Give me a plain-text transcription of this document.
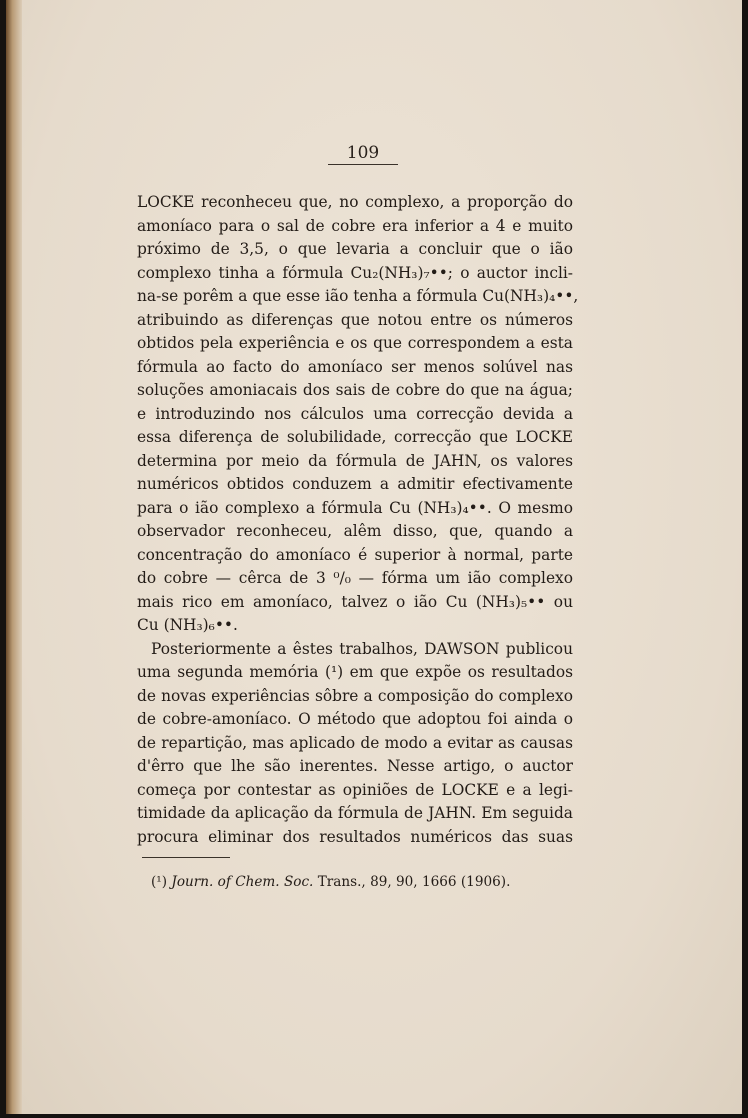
109
LOCKE reconheceu que, no complexo, a proporção do
amoníaco para o sal de cobre era inferior a 4 e muito
próximo de 3,5, o que levaria a concluir que o ião
complexo tinha a fórmula Cu₂(NH₃)₇••; o auctor incli-
na-se porêm a que esse ião tenha a fórmula Cu(NH₃)₄••,
atribuindo as diferenças que notou entre os números
obtidos pela experiência e os que correspondem a esta
fórmula ao facto do amoníaco ser menos solúvel nas
soluções amoniacais dos sais de cobre do que na água;
e introduzindo nos cálculos uma correcção devida a
essa diferença de solubilidade, correcção que LOCKE
determina por meio da fórmula de JAHN, os valores
numéricos obtidos conduzem a admitir efectivamente
para o ião complexo a fórmula Cu (NH₃)₄••. O mesmo
observador reconheceu, alêm disso, que, quando a
concentração do amoníaco é superior à normal, parte
do cobre — cêrca de 3 ⁰/₀ — fórma um ião complexo
mais rico em amoníaco, talvez o ião Cu (NH₃)₅•• ou
Cu (NH₃)₆••.
Posteriormente a êstes trabalhos, DAWSON publicou
uma segunda memória (¹) em que expõe os resultados
de novas experiências sôbre a composição do complexo
de cobre-amoníaco. O método que adoptou foi ainda o
de repartição, mas aplicado de modo a evitar as causas
d'êrro que lhe são inerentes. Nesse artigo, o auctor
começa por contestar as opiniões de LOCKE e a legi-
timidade da aplicação da fórmula de JAHN. Em seguida
procura eliminar dos resultados numéricos das suas
(¹) Journ. of Chem. Soc. Trans., 89, 90, 1666 (1906).
